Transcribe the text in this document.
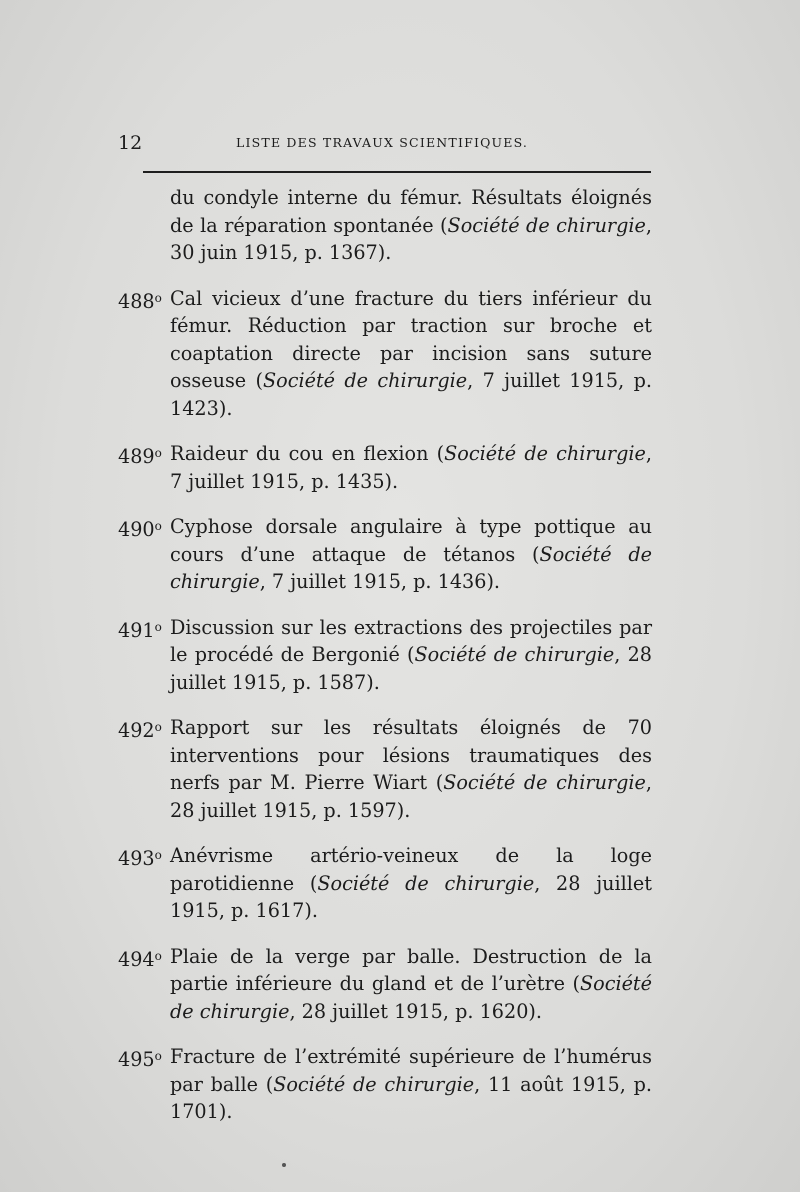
12	LISTE DES TRAVAUX SCIENTIFIQUES.

du condyle interne du fémur. Résultats éloignés de la réparation spontanée (Société de chirurgie, 30 juin 1915, p. 1367).

488$^o$ Cal vicieux d’une fracture du tiers inférieur du fémur. Réduction par traction sur broche et coaptation directe par incision sans suture osseuse (Société de chirurgie, 7 juillet 1915, p. 1423).
489$^o$ Raideur du cou en flexion (Société de chirurgie, 7 juillet 1915, p. 1435).
490$^o$ Cyphose dorsale angulaire à type pottique au cours d’une attaque de tétanos (Société de chirurgie, 7 juillet 1915, p. 1436).
491$^o$ Discussion sur les extractions des projectiles par le procédé de Bergonié (Société de chirurgie, 28 juillet 1915, p. 1587).
492$^o$ Rapport sur les résultats éloignés de 70 interventions pour lésions traumatiques des nerfs par M. Pierre Wiart (Société de chirurgie, 28 juillet 1915, p. 1597).
493$^o$ Anévrisme artério-veineux de la loge parotidienne (Société de chirurgie, 28 juillet 1915, p. 1617).
494$^o$ Plaie de la verge par balle. Destruction de la partie inférieure du gland et de l’urètre (Société de chirurgie, 28 juillet 1915, p. 1620).
495$^o$ Fracture de l’extrémité supérieure de l’humérus par balle (Société de chirurgie, 11 août 1915, p. 1701).
